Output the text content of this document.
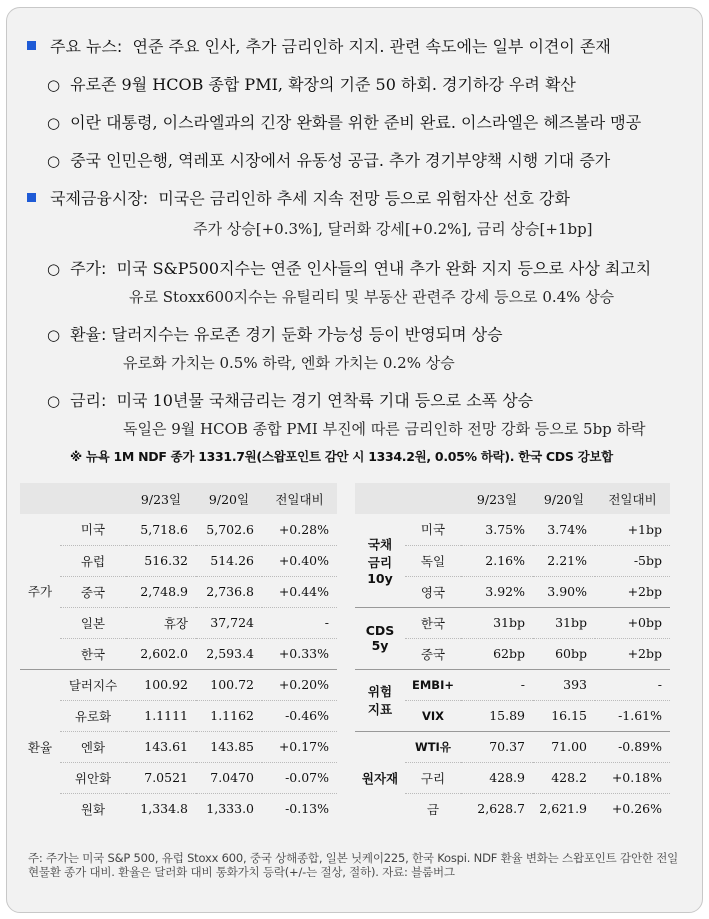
주요 뉴스: 연준 주요 인사, 추가 금리인하 지지. 관련 속도에는 일부 이견이 존재
○ 유로존 9월 HCOB 종합 PMI, 확장의 기준 50 하회. 경기하강 우려 확산
○ 이란 대통령, 이스라엘과의 긴장 완화를 위한 준비 완료. 이스라엘은 헤즈볼라 맹공
○ 중국 인민은행, 역레포 시장에서 유동성 공급. 추가 경기부양책 시행 기대 증가
국제금융시장: 미국은 금리인하 추세 지속 전망 등으로 위험자산 선호 강화
주가 상승[+0.3%], 달러화 강세[+0.2%], 금리 상승[+1bp]
○ 주가: 미국 S&P500지수는 연준 인사들의 연내 추가 완화 지지 등으로 사상 최고치
유로 Stoxx600지수는 유틸리티 및 부동산 관련주 강세 등으로 0.4% 상승
○ 환율: 달러지수는 유로존 경기 둔화 가능성 등이 반영되며 상승
유로화 가치는 0.5% 하락, 엔화 가치는 0.2% 상승
○ 금리: 미국 10년물 국채금리는 경기 연착륙 기대 등으로 소폭 상승
독일은 9월 HCOB 종합 PMI 부진에 따른 금리인하 전망 강화 등으로 5bp 하락
※ 뉴욕 1M NDF 종가 1331.7원(스왑포인트 감안 시 1334.2원, 0.05% 하락). 한국 CDS 강보합
		9/23일	9/20일	전일대비
주가	미국	5,718.6	5,702.6	+0.28%
	유럽	516.32	514.26	+0.40%
	중국	2,748.9	2,736.8	+0.44%
	일본	휴장	37,724	-
	한국	2,602.0	2,593.4	+0.33%
환율	달러지수	100.92	100.72	+0.20%
	유로화	1.1111	1.1162	-0.46%
	엔화	143.61	143.85	+0.17%
	위안화	7.0521	7.0470	-0.07%
	원화	1,334.8	1,333.0	-0.13%
		9/23일	9/20일	전일대비
국채
금리
10y	미국	3.75%	3.74%	+1bp
	독일	2.16%	2.21%	-5bp
	영국	3.92%	3.90%	+2bp
CDS
5y	한국	31bp	31bp	+0bp
	중국	62bp	60bp	+2bp
위험
지표	EMBI+	-	393	-
	VIX	15.89	16.15	-1.61%
원자재	WTI유	70.37	71.00	-0.89%
	구리	428.9	428.2	+0.18%
	금	2,628.7	2,621.9	+0.26%
주: 주가는 미국 S&P 500, 유럽 Stoxx 600, 중국 상해종합, 일본 닛케이225, 한국 Kospi. NDF 환율 변화는 스왑포인트 감안한 전일 현물환 종가 대비. 환율은 달러화 대비 통화가치 등락(+/-는 절상, 절하). 자료: 블룸버그
